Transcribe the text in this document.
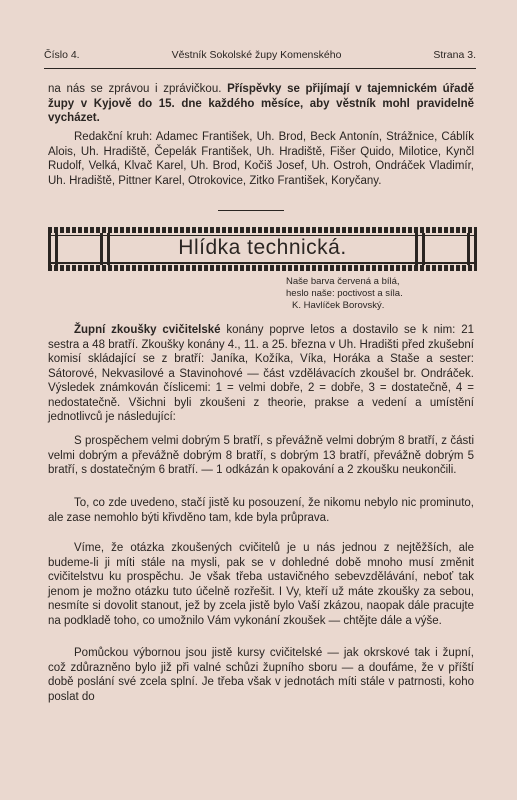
Číslo 4.	Věstník Sokolské župy Komenského	Strana 3.
na nás se zprávou i zprávičkou. Příspěvky se přijímají v tajemnickém úřadě župy v Kyjově do 15. dne každého měsíce, aby věstník mohl pravidelně vycházet.
Redakční kruh: Adamec František, Uh. Brod, Beck Antonín, Strážnice, Cáblík Alois, Uh. Hradiště, Čepelák František, Uh. Hradiště, Fišer Quido, Milotice, Kynčl Rudolf, Velká, Klvač Karel, Uh. Brod, Kočiš Josef, Uh. Ostroh, Ondráček Vladimír, Uh. Hradiště, Pittner Karel, Otrokovice, Zitko František, Koryčany.
Hlídka technická.
Naše barva červená a bílá,
heslo naše: poctivost a síla.
K. Havlíček Borovský.
Župní zkoušky cvičitelské konány poprve letos a dostavilo se k nim: 21 sestra a 48 bratří. Zkoušky konány 4., 11. a 25. března v Uh. Hradišti před zkušební komisí skládající se z bratří: Janíka, Kožíka, Víka, Horáka a Staše a sester: Sátorové, Nekvasilové a Stavinohové — část vzdělávacích zkoušel br. Ondráček. Výsledek známkován číslicemi: 1 = velmi dobře, 2 = dobře, 3 = dostatečně, 4 = nedostatečně. Všichni byli zkoušeni z theorie, prakse a vedení a umístění jednotlivců je následující:
S prospěchem velmi dobrým 5 bratří, s převážně velmi dobrým 8 bratří, z části velmi dobrým a převážně dobrým 8 bratří, s dobrým 13 bratří, převážně dobrým 5 bratří, s dostatečným 6 bratří. — 1 odkázán k opakování a 2 zkoušku neukončili.
To, co zde uvedeno, stačí jistě ku posouzení, že nikomu nebylo nic prominuto, ale zase nemohlo býti křivděno tam, kde byla průprava.
Víme, že otázka zkoušených cvičitelů je u nás jednou z nejtěžších, ale budeme-li ji míti stále na mysli, pak se v dohledné době mnoho musí změnit cvičitelstvu ku prospěchu. Je však třeba ustavičného sebevzdělávání, neboť tak jenom je možno otázku tuto účelně rozřešit. I Vy, kteří už máte zkoušky za sebou, nesmíte si dovolit stanout, jež by zcela jistě bylo Vaší zkázou, naopak dále pracujte na podkladě toho, co umožnilo Vám vykonání zkoušek — chtějte dále a výše.
Pomůckou výbornou jsou jistě kursy cvičitelské — jak okrskové tak i župní, což zdůrazněno bylo již při valné schůzi župního sboru — a doufáme, že v příští době poslání své zcela splní. Je třeba však v jednotách míti stále v patrnosti, koho poslat do
